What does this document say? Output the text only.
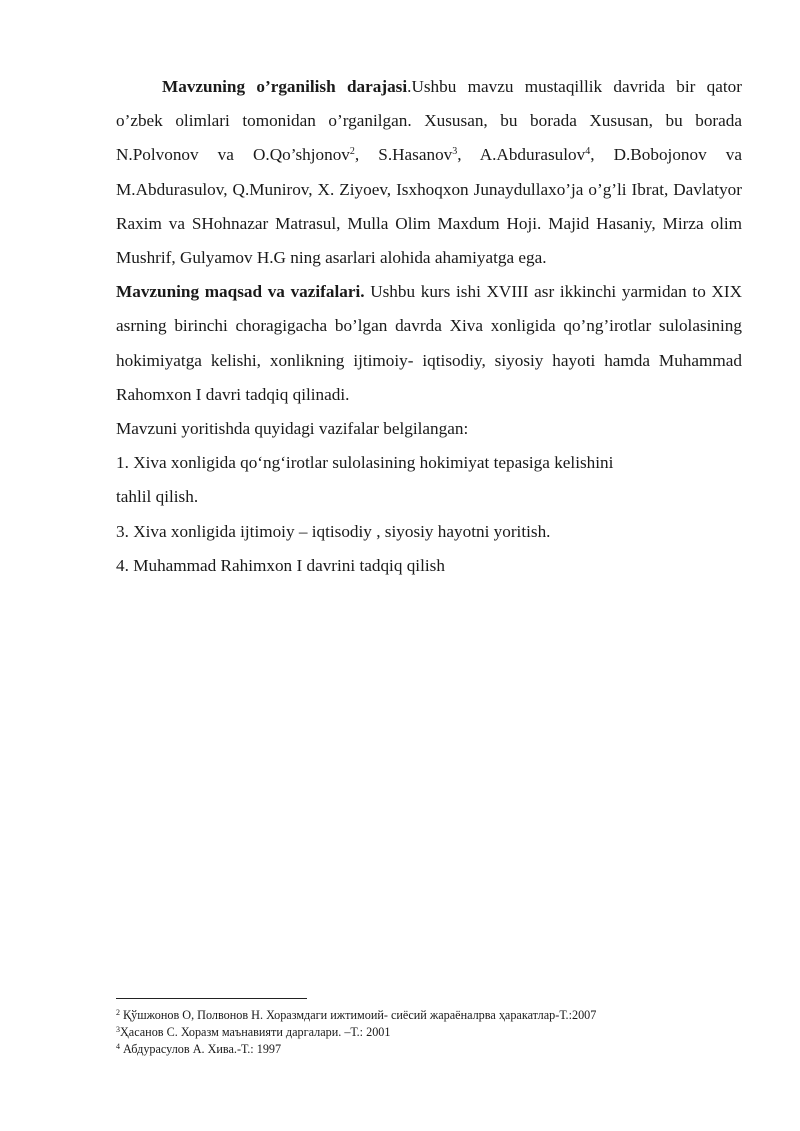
Mavzuning o’rganilish darajasi.Ushbu mavzu mustaqillik davrida bir qator o’zbek olimlari tomonidan o’rganilgan. Xususan, bu borada Xususan, bu borada N.Polvonov va O.Qo’shjonov$^2$, S.Hasanov$^3$, A.Abdurasulov$^4$, D.Bobojonov va M.Abdurasulov, Q.Munirov, X. Ziyoev, Isxhoqxon Junaydullaxo’ja o’g’li Ibrat, Davlatyor Raxim va SHohnazar Matrasul, Mulla Olim Maxdum Hoji. Majid Hasaniy, Mirza olim Mushrif, Gulyamov H.G ning asarlari alohida ahamiyatga ega.

Mavzuning maqsad va vazifalari. Ushbu kurs ishi XVIII asr ikkinchi yarmidan to XIX asrning birinchi choragigacha bo’lgan davrda Xiva xonligida qo’ng’irotlar sulolasining hokimiyatga kelishi, xonlikning ijtimoiy- iqtisodiy, siyosiy hayoti hamda Muhammad Rahomxon I davri tadqiq qilinadi.

Mavzuni yoritishda quyidagi vazifalar belgilangan:

1. Xiva xonligida qo‘ng‘irotlar sulolasining hokimiyat tepasiga kelishini

tahlil qilish.

3. Xiva xonligida ijtimoiy – iqtisodiy , siyosiy hayotni yoritish.

4. Muhammad Rahimxon I davrini tadqiq qilish

$^2$ Қўшжонов О, Полвонов Н. Хоразмдаги ижтимоий- сиёсий жараёналрва ҳаракатлар-Т.:2007

$^3$Ҳасанов С. Хоразм маънавияти даргалари. –Т.: 2001

$^4$ Абдурасулов А. Хива.-Т.: 1997
